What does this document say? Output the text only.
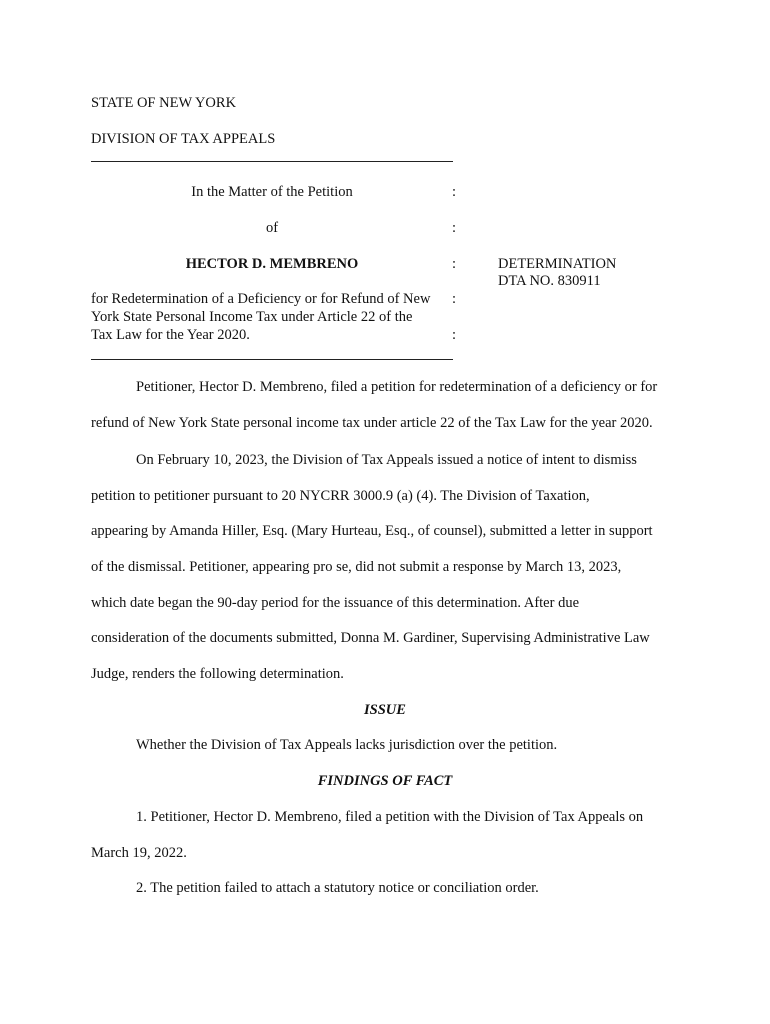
STATE OF NEW YORK
DIVISION OF TAX APPEALS
In the Matter of the Petition	:
of	:
HECTOR D. MEMBRENO	:	DETERMINATION
DTA NO. 830911
for Redetermination of a Deficiency or for Refund of New :
York State Personal Income Tax under Article 22 of the
Tax Law for the Year 2020.	:
Petitioner, Hector D. Membreno, filed a petition for redetermination of a deficiency or for
refund of New York State personal income tax under article 22 of the Tax Law for the year 2020.
On February 10, 2023, the Division of Tax Appeals issued a notice of intent to dismiss
petition to petitioner pursuant to 20 NYCRR 3000.9 (a) (4). The Division of Taxation,
appearing by Amanda Hiller, Esq. (Mary Hurteau, Esq., of counsel), submitted a letter in support
of the dismissal. Petitioner, appearing pro se, did not submit a response by March 13, 2023,
which date began the 90-day period for the issuance of this determination. After due
consideration of the documents submitted, Donna M. Gardiner, Supervising Administrative Law
Judge, renders the following determination.
ISSUE
Whether the Division of Tax Appeals lacks jurisdiction over the petition.
FINDINGS OF FACT
1. Petitioner, Hector D. Membreno, filed a petition with the Division of Tax Appeals on
March 19, 2022.
2. The petition failed to attach a statutory notice or conciliation order.
